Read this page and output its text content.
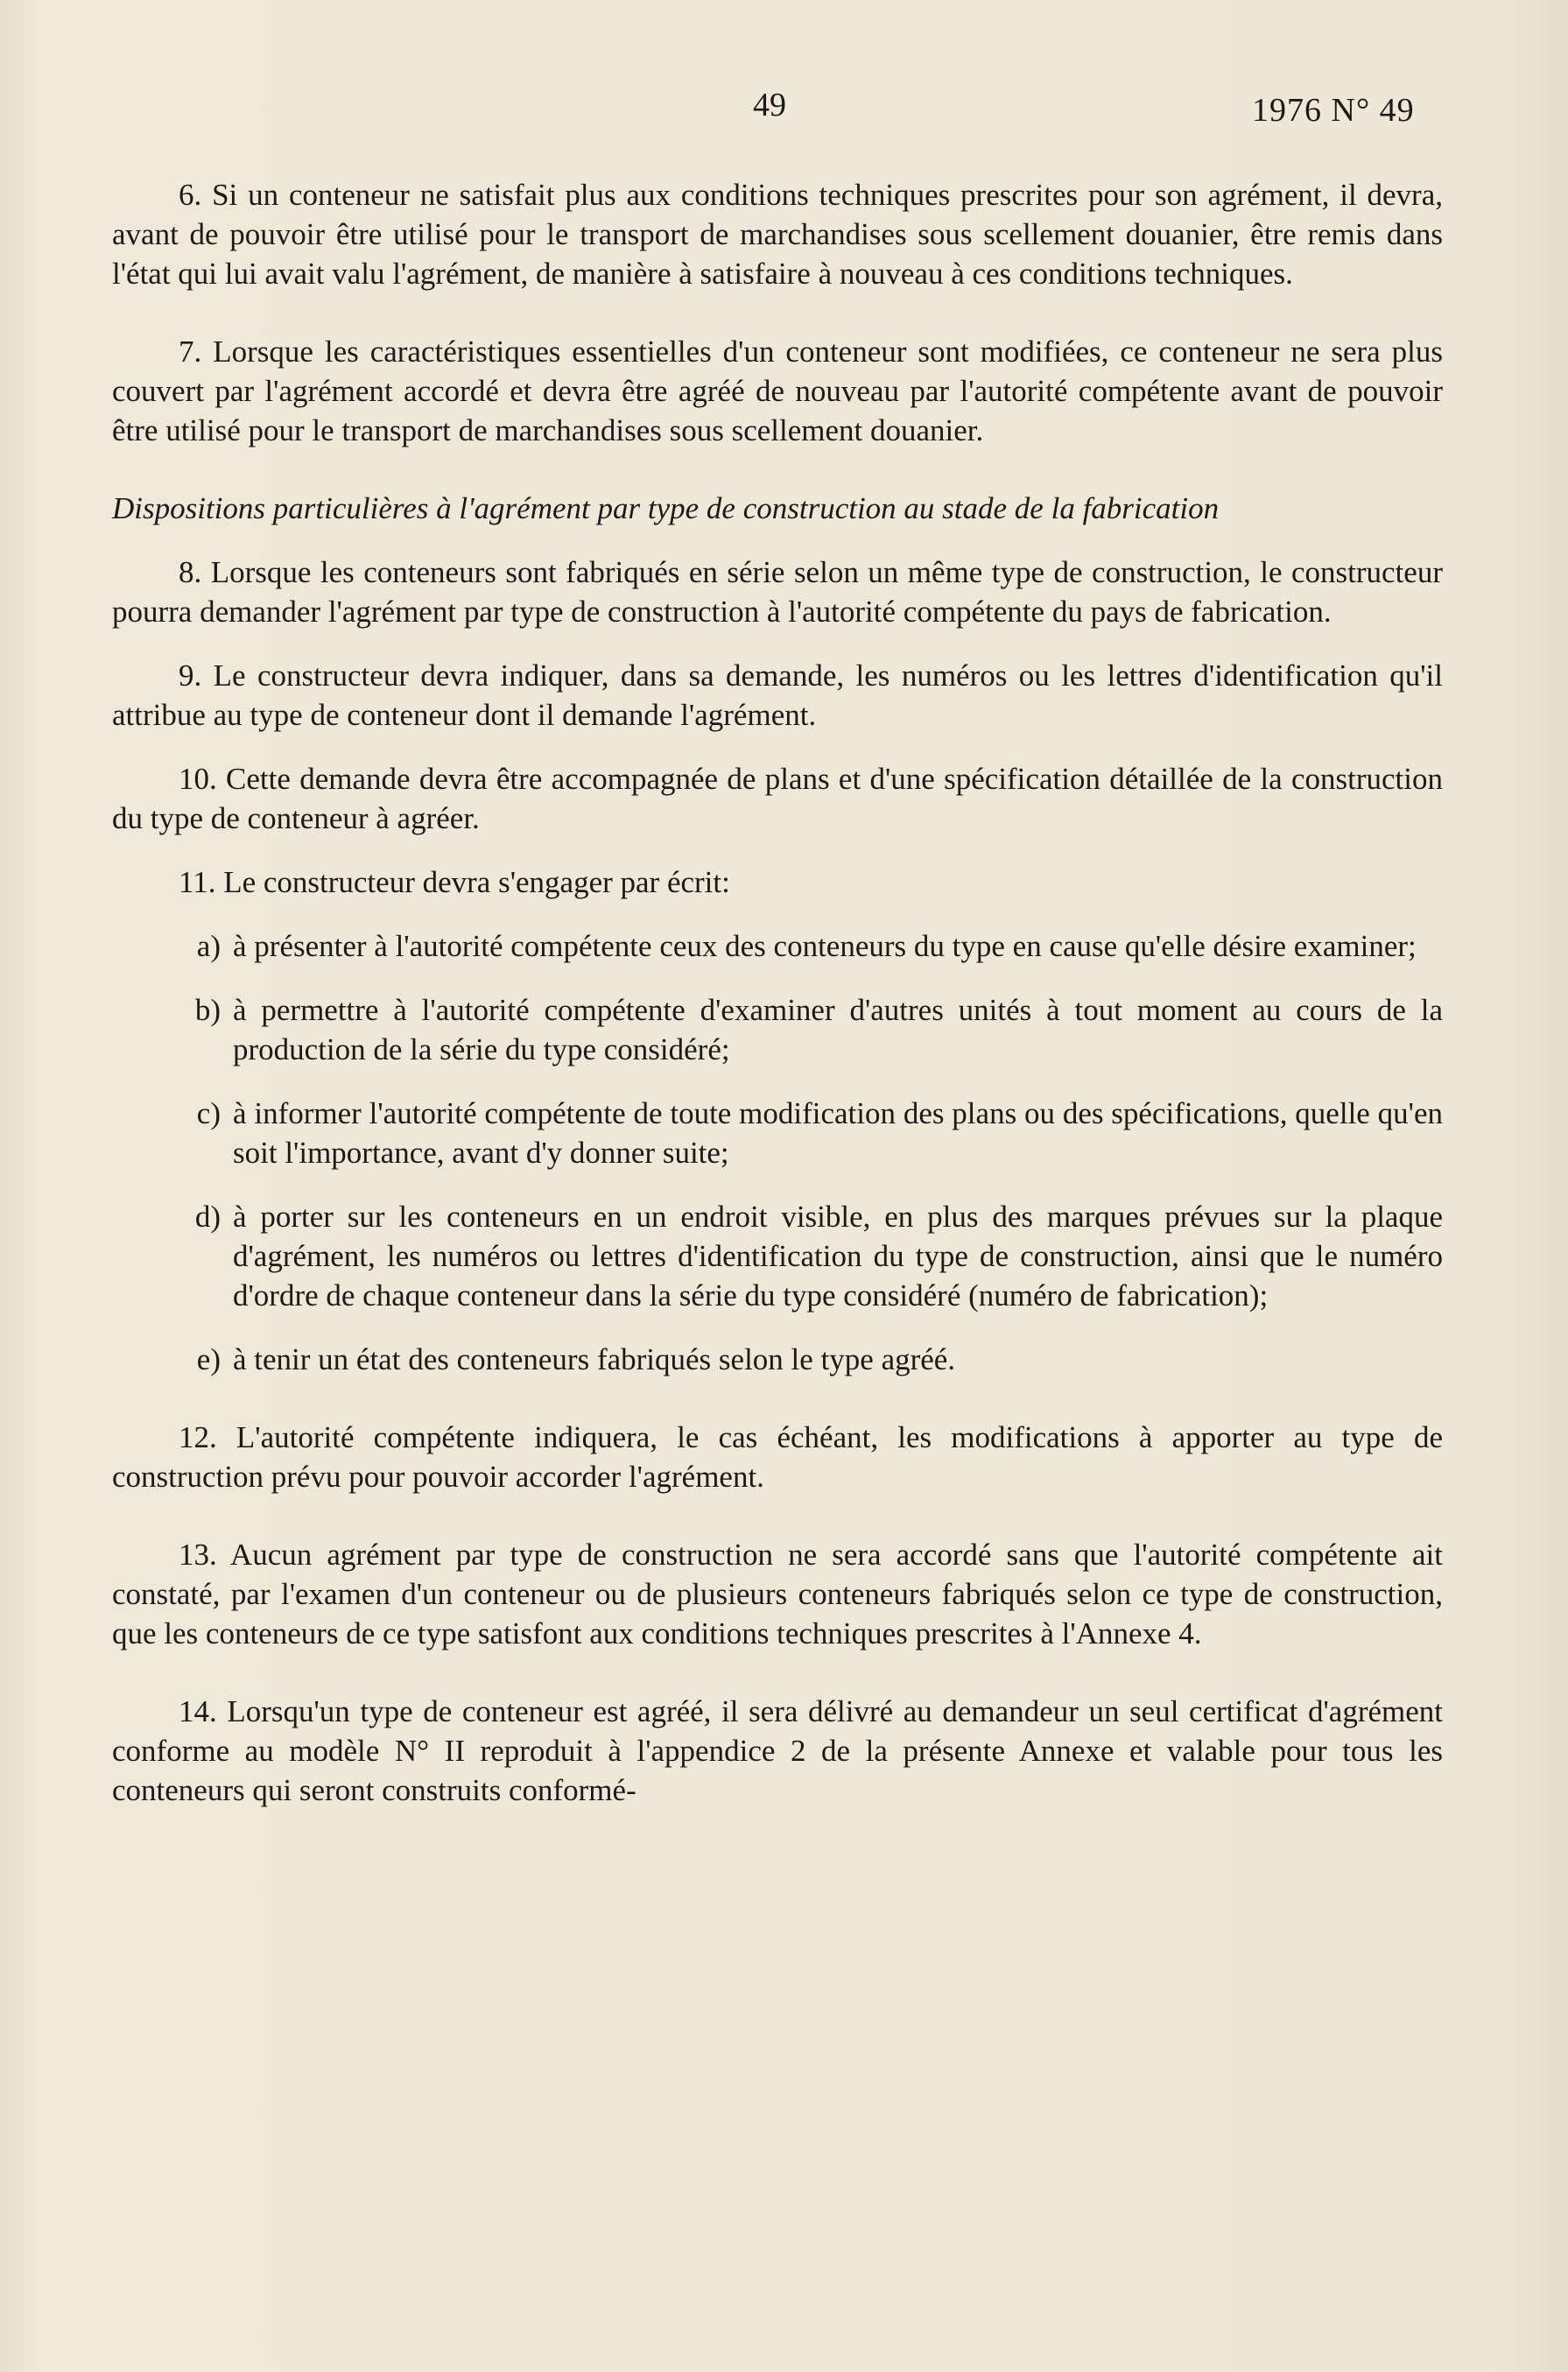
49	1976 N° 49

6. Si un conteneur ne satisfait plus aux conditions techniques prescrites pour son agrément, il devra, avant de pouvoir être utilisé pour le transport de marchandises sous scellement douanier, être remis dans l'état qui lui avait valu l'agrément, de manière à satisfaire à nouveau à ces conditions techniques.

7. Lorsque les caractéristiques essentielles d'un conteneur sont modifiées, ce conteneur ne sera plus couvert par l'agrément accordé et devra être agréé de nouveau par l'autorité compétente avant de pouvoir être utilisé pour le transport de marchandises sous scellement douanier.

Dispositions particulières à l'agrément par type de construction au stade de la fabrication

8. Lorsque les conteneurs sont fabriqués en série selon un même type de construction, le constructeur pourra demander l'agrément par type de construction à l'autorité compétente du pays de fabrication.

9. Le constructeur devra indiquer, dans sa demande, les numéros ou les lettres d'identification qu'il attribue au type de conteneur dont il demande l'agrément.

10. Cette demande devra être accompagnée de plans et d'une spécification détaillée de la construction du type de conteneur à agréer.

11. Le constructeur devra s'engager par écrit:

a) à présenter à l'autorité compétente ceux des conteneurs du type en cause qu'elle désire examiner;
b) à permettre à l'autorité compétente d'examiner d'autres unités à tout moment au cours de la production de la série du type considéré;
c) à informer l'autorité compétente de toute modification des plans ou des spécifications, quelle qu'en soit l'importance, avant d'y donner suite;
d) à porter sur les conteneurs en un endroit visible, en plus des marques prévues sur la plaque d'agrément, les numéros ou lettres d'identification du type de construction, ainsi que le numéro d'ordre de chaque conteneur dans la série du type considéré (numéro de fabrication);
e) à tenir un état des conteneurs fabriqués selon le type agréé.

12. L'autorité compétente indiquera, le cas échéant, les modifications à apporter au type de construction prévu pour pouvoir accorder l'agrément.

13. Aucun agrément par type de construction ne sera accordé sans que l'autorité compétente ait constaté, par l'examen d'un conteneur ou de plusieurs conteneurs fabriqués selon ce type de construction, que les conteneurs de ce type satisfont aux conditions techniques prescrites à l'Annexe 4.

14. Lorsqu'un type de conteneur est agréé, il sera délivré au demandeur un seul certificat d'agrément conforme au modèle N° II reproduit à l'appendice 2 de la présente Annexe et valable pour tous les conteneurs qui seront construits conformé-
